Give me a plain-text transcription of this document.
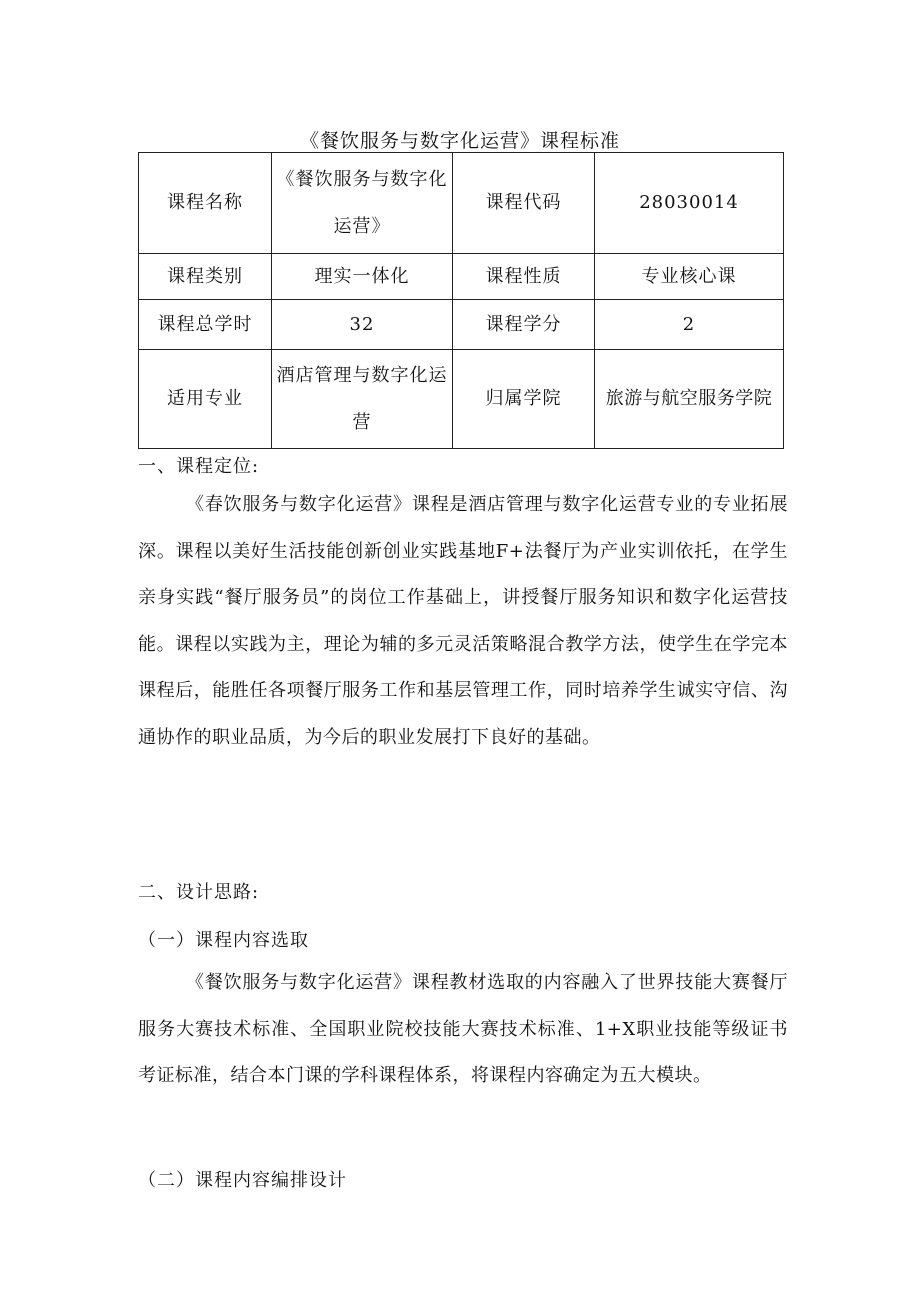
《餐饮服务与数字化运营》课程标准
课程名称	《餐饮服务与数字化运营》	课程代码	28030014
课程类别	理实一体化	课程性质	专业核心课
课程总学时	32	课程学分	2
适用专业	酒店管理与数字化运营	归属学院	旅游与航空服务学院
一、课程定位:
《春饮服务与数字化运营》课程是酒店管理与数字化运营专业的专业拓展深。课程以美好生活技能创新创业实践基地F+法餐厅为产业实训依托，在学生亲身实践“餐厅服务员”的岗位工作基础上，讲授餐厅服务知识和数字化运营技能。课程以实践为主，理论为辅的多元灵活策略混合教学方法，使学生在学完本课程后，能胜任各项餐厅服务工作和基层管理工作，同时培养学生诚实守信、沟通协作的职业品质，为今后的职业发展打下良好的基础。
二、设计思路:
（一）课程内容选取
《餐饮服务与数字化运营》课程教材选取的内容融入了世界技能大赛餐厅服务大赛技术标准、全国职业院校技能大赛技术标准、1+X职业技能等级证书考证标准，结合本门课的学科课程体系，将课程内容确定为五大模块。
（二）课程内容编排设计
